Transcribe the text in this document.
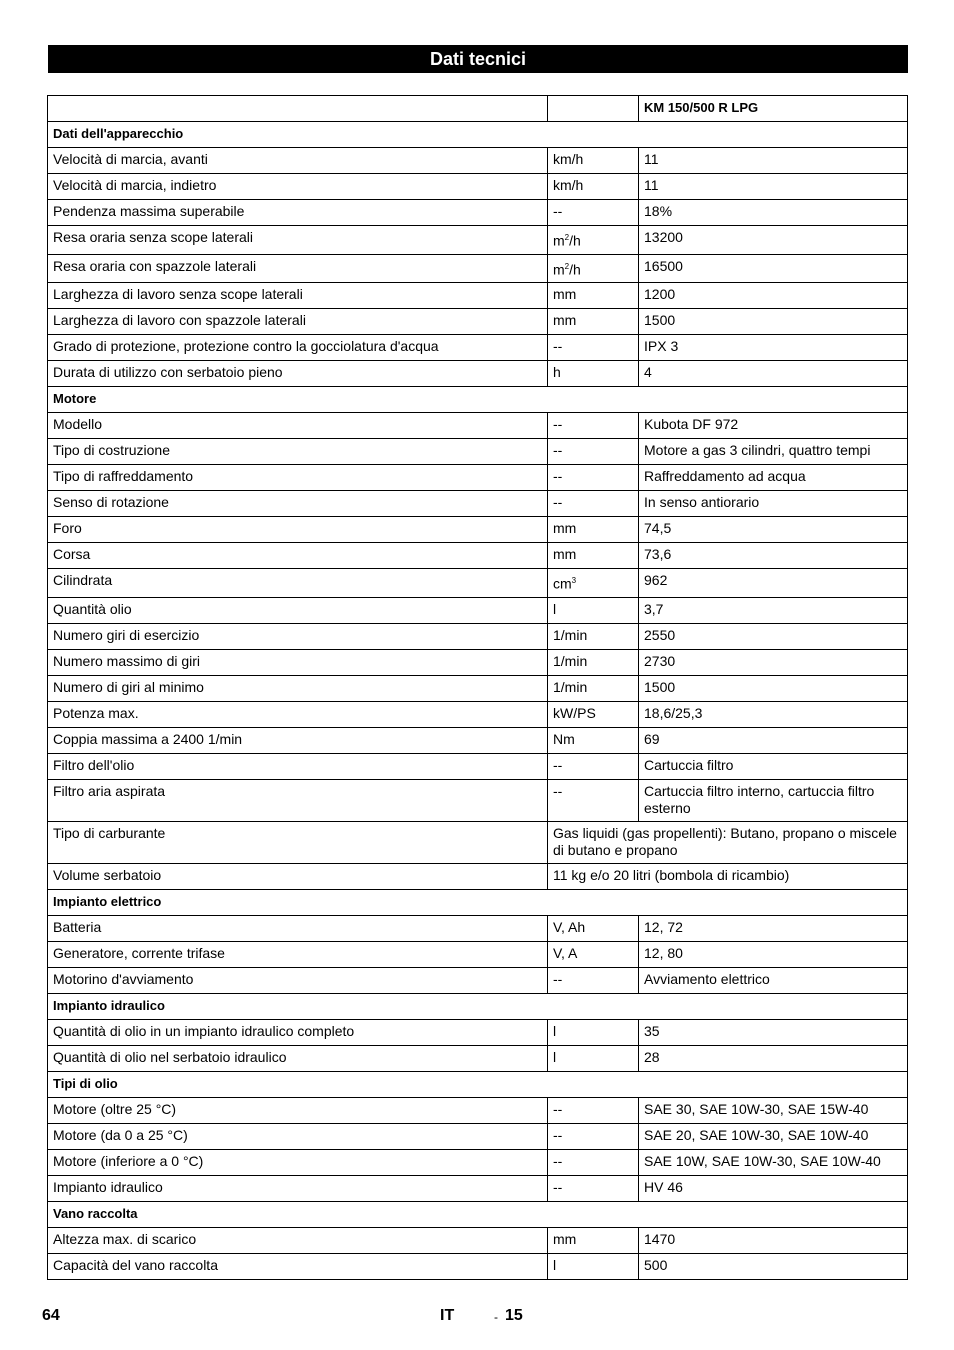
Dati tecnici
		KM 150/500 R LPG
Dati dell'apparecchio		
Velocità di marcia, avanti	km/h	11
Velocità di marcia, indietro	km/h	11
Pendenza massima superabile	--	18%
Resa oraria senza scope laterali	$m^2/h$	13200
Resa oraria con spazzole laterali	$m^2/h$	16500
Larghezza di lavoro senza scope laterali	mm	1200
Larghezza di lavoro con spazzole laterali	mm	1500
Grado di protezione, protezione contro la gocciolatura d'acqua	--	IPX 3
Durata di utilizzo con serbatoio pieno	h	4
Motore		
Modello	--	Kubota DF 972
Tipo di costruzione	--	Motore a gas 3 cilindri, quattro tempi
Tipo di raffreddamento	--	Raffreddamento ad acqua
Senso di rotazione	--	In senso antiorario
Foro	mm	74,5
Corsa	mm	73,6
Cilindrata	$cm^3$	962
Quantità olio	l	3,7
Numero giri di esercizio	1/min	2550
Numero massimo di giri	1/min	2730
Numero di giri al minimo	1/min	1500
Potenza max.	kW/PS	18,6/25,3
Coppia massima a 2400 1/min	Nm	69
Filtro dell'olio	--	Cartuccia filtro
Filtro aria aspirata	--	Cartuccia filtro interno, cartuccia filtro esterno
Tipo di carburante	Gas liquidi (gas propellenti): Butano, propano o miscele di butano e propano	
Volume serbatoio	11 kg e/o 20 litri (bombola di ricambio)	
Impianto elettrico		
Batteria	V, Ah	12, 72
Generatore, corrente trifase	V, A	12, 80
Motorino d'avviamento	--	Avviamento elettrico
Impianto idraulico		
Quantità di olio in un impianto idraulico completo	l	35
Quantità di olio nel serbatoio idraulico	l	28
Tipi di olio		
Motore (oltre 25 °C)	--	SAE 30, SAE 10W-30, SAE 15W-40
Motore (da 0 a 25 °C)	--	SAE 20, SAE 10W-30, SAE 10W-40
Motore (inferiore a 0 °C)	--	SAE 10W, SAE 10W-30, SAE 10W-40
Impianto idraulico	--	HV 46
Vano raccolta		
Altezza max. di scarico	mm	1470
Capacità del vano raccolta	l	500
64	IT	- 15
